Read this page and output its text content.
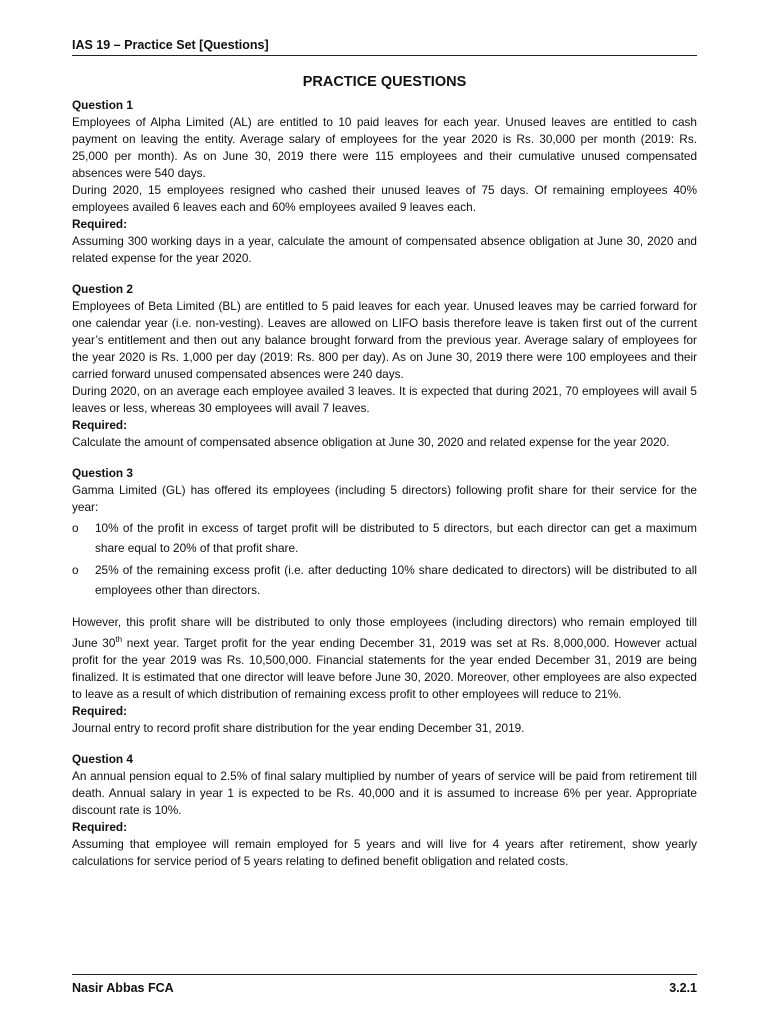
IAS 19 – Practice Set [Questions]
PRACTICE QUESTIONS

Question 1

Employees of Alpha Limited (AL) are entitled to 10 paid leaves for each year. Unused leaves are entitled to cash payment on leaving the entity. Average salary of employees for the year 2020 is Rs. 30,000 per month (2019: Rs. 25,000 per month). As on June 30, 2019 there were 115 employees and their cumulative unused compensated absences were 540 days.

During 2020, 15 employees resigned who cashed their unused leaves of 75 days. Of remaining employees 40% employees availed 6 leaves each and 60% employees availed 9 leaves each.

Required:

Assuming 300 working days in a year, calculate the amount of compensated absence obligation at June 30, 2020 and related expense for the year 2020.

Question 2

Employees of Beta Limited (BL) are entitled to 5 paid leaves for each year. Unused leaves may be carried forward for one calendar year (i.e. non-vesting). Leaves are allowed on LIFO basis therefore leave is taken first out of the current year’s entitlement and then out any balance brought forward from the previous year. Average salary of employees for the year 2020 is Rs. 1,000 per day (2019: Rs. 800 per day). As on June 30, 2019 there were 100 employees and their carried forward unused compensated absences were 240 days.

During 2020, on an average each employee availed 3 leaves. It is expected that during 2021, 70 employees will avail 5 leaves or less, whereas 30 employees will avail 7 leaves.

Required:

Calculate the amount of compensated absence obligation at June 30, 2020 and related expense for the year 2020.

Question 3

Gamma Limited (GL) has offered its employees (including 5 directors) following profit share for their service for the year:

o 10% of the profit in excess of target profit will be distributed to 5 directors, but each director can get a maximum share equal to 20% of that profit share.
o 25% of the remaining excess profit (i.e. after deducting 10% share dedicated to directors) will be distributed to all employees other than directors.

However, this profit share will be distributed to only those employees (including directors) who remain employed till June 30th next year. Target profit for the year ending December 31, 2019 was set at Rs. 8,000,000. However actual profit for the year 2019 was Rs. 10,500,000. Financial statements for the year ended December 31, 2019 are being finalized. It is estimated that one director will leave before June 30, 2020. Moreover, other employees are also expected to leave as a result of which distribution of remaining excess profit to other employees will reduce to 21%.

Required:

Journal entry to record profit share distribution for the year ending December 31, 2019.

Question 4

An annual pension equal to 2.5% of final salary multiplied by number of years of service will be paid from retirement till death. Annual salary in year 1 is expected to be Rs. 40,000 and it is assumed to increase 6% per year. Appropriate discount rate is 10%.

Required:

Assuming that employee will remain employed for 5 years and will live for 4 years after retirement, show yearly calculations for service period of 5 years relating to defined benefit obligation and related costs.

Nasir Abbas FCA	3.2.1
